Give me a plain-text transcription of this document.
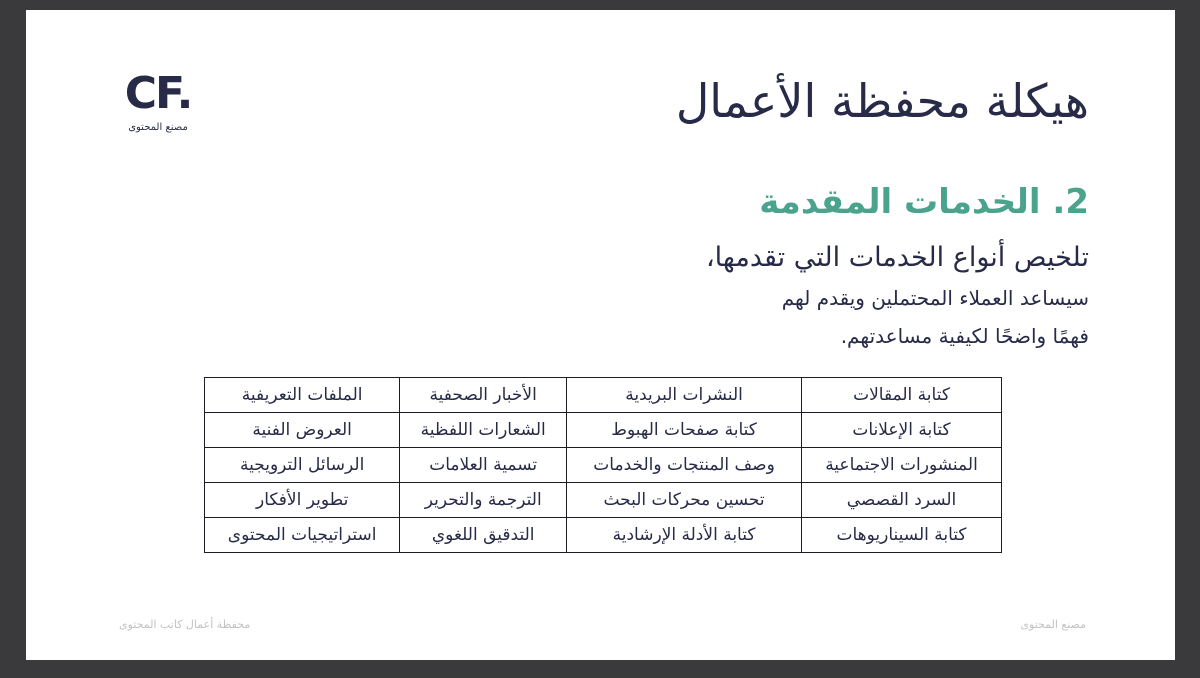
CF.
مصنع المحتوى	هيكلة محفظة الأعمال
2. الخدمات المقدمة
تلخيص أنواع الخدمات التي تقدمها،
سيساعد العملاء المحتملين ويقدم لهم
فهمًا واضحًا لكيفية مساعدتهم.
كتابة المقالات	النشرات البريدية	الأخبار الصحفية	الملفات التعريفية
كتابة الإعلانات	كتابة صفحات الهبوط	الشعارات اللفظية	العروض الفنية
المنشورات الاجتماعية	وصف المنتجات والخدمات	تسمية العلامات	الرسائل الترويجية
السرد القصصي	تحسين محركات البحث	الترجمة والتحرير	تطوير الأفكار
كتابة السيناريوهات	كتابة الأدلة الإرشادية	التدقيق اللغوي	استراتيجيات المحتوى
محفظة أعمال كاتب المحتوى	مصنع المحتوى
